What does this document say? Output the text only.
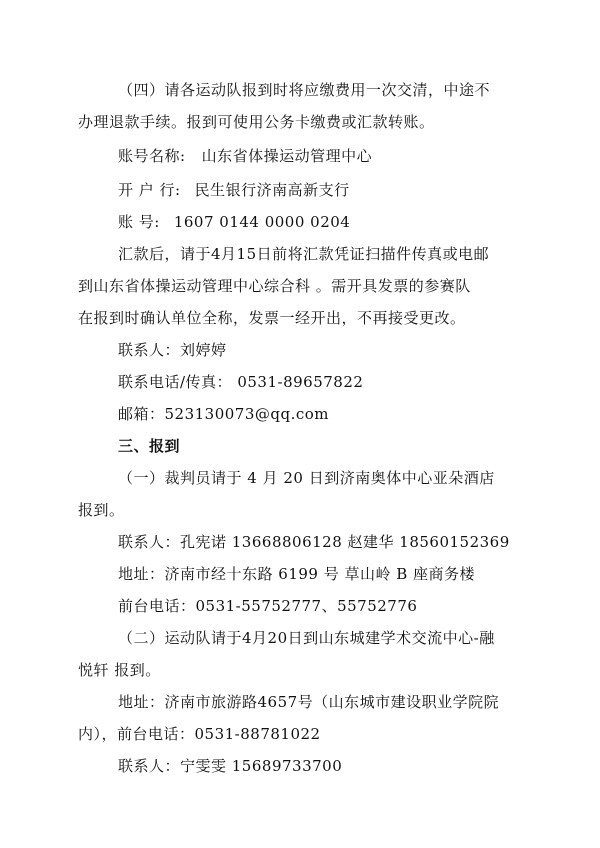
（四）请各运动队报到时将应缴费用一次交清，中途不
办理退款手续。报到可使用公务卡缴费或汇款转账。
账号名称: 山东省体操运动管理中心
开 户 行: 民生银行济南高新支行
账 号: 1607 0144 0000 0204
汇款后，请于4月15日前将汇款凭证扫描件传真或电邮
到山东省体操运动管理中心综合科 。需开具发票的参赛队
在报到时确认单位全称，发票一经开出，不再接受更改。
联系人：刘婷婷
联系电话/传真： 0531-89657822
邮箱：523130073@qq.com
三、报到
（一）裁判员请于 4 月 20 日到济南奥体中心亚朵酒店
报到。
联系人：孔宪诺 13668806128 赵建华 18560152369
地址：济南市经十东路 6199 号 草山岭 B 座商务楼
前台电话：0531-55752777、55752776
（二）运动队请于4月20日到山东城建学术交流中心-融
悦轩 报到。
地址：济南市旅游路4657号（山东城市建设职业学院院
内），前台电话：0531-88781022
联系人：宁雯雯 15689733700
